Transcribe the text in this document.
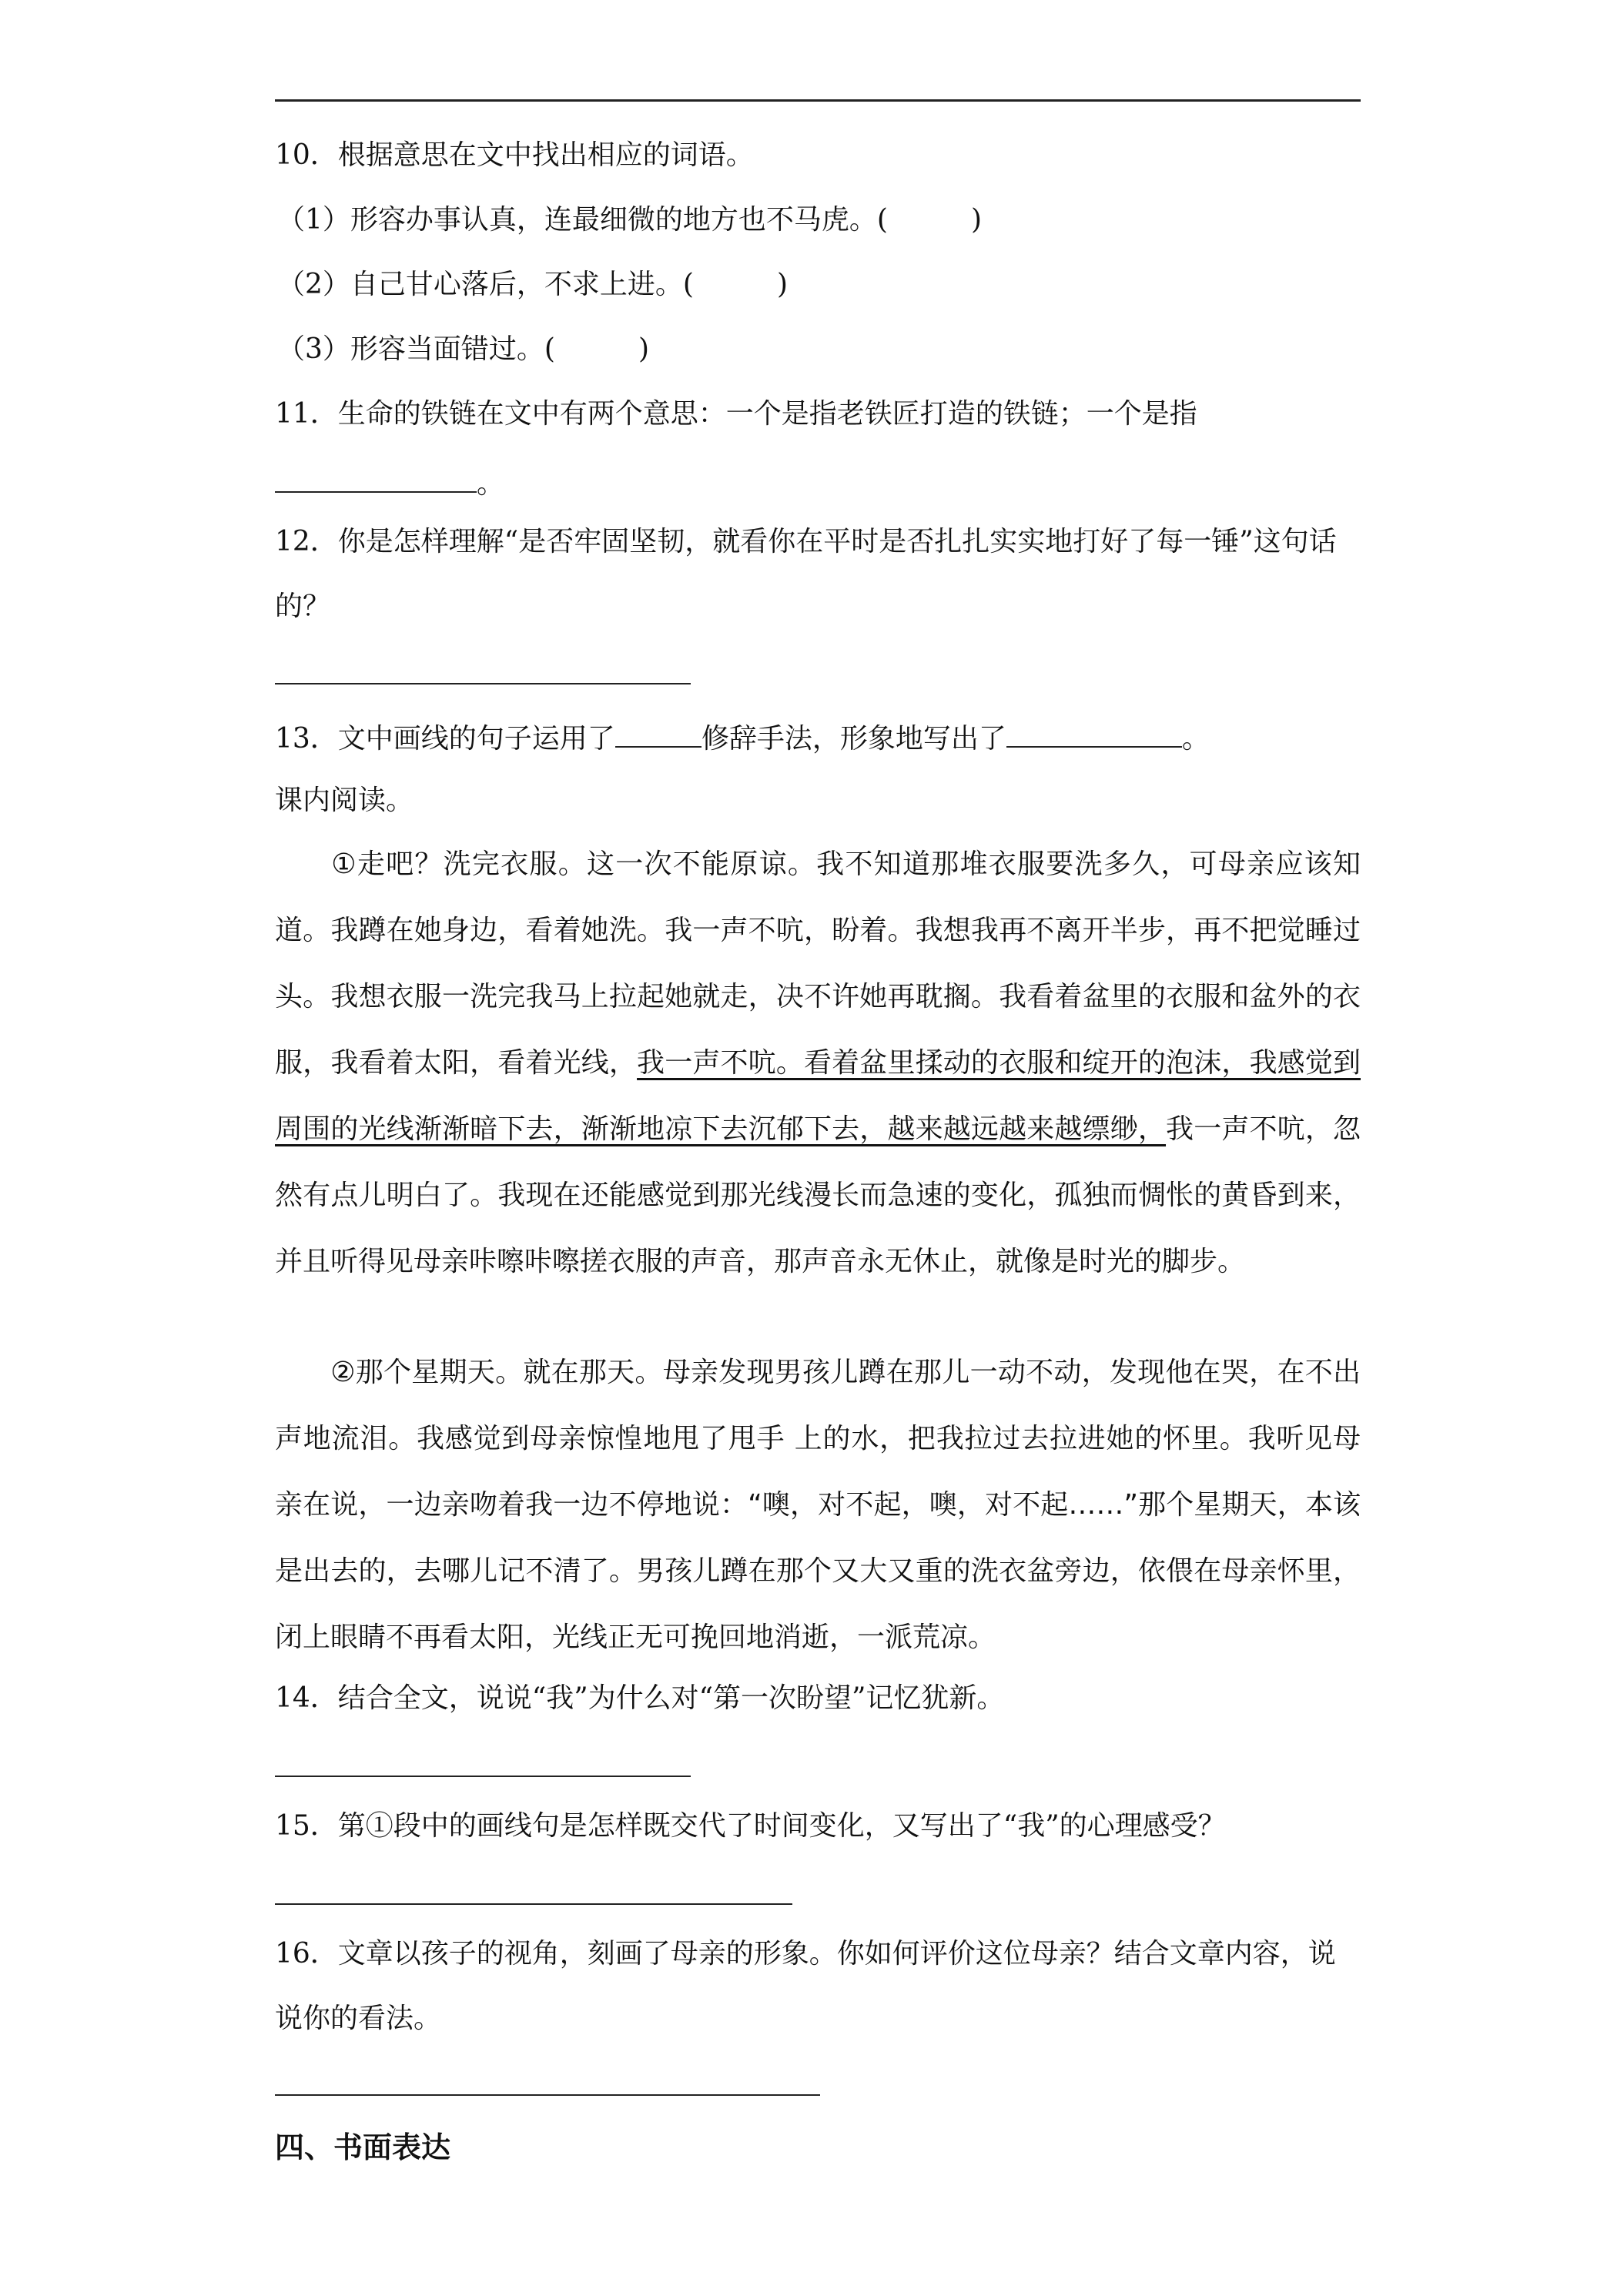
10．根据意思在文中找出相应的词语。
（1）形容办事认真，连最细微的地方也不马虎。(　　　)
（2）自己甘心落后，不求上进。(　　　)
（3）形容当面错过。(　　　)
11．生命的铁链在文中有两个意思：一个是指老铁匠打造的铁链；一个是指
。
12．你是怎样理解“是否牢固坚韧，就看你在平时是否扎扎实实地打好了每一锤”这句话
的？
13．文中画线的句子运用了	修辞手法，形象地写出了	。
课内阅读。
①走吧？洗完衣服。这一次不能原谅。我不知道那堆衣服要洗多久，可母亲应该知道。我蹲在她身边，看着她洗。我一声不吭，盼着。我想我再不离开半步，再不把觉睡过头。我想衣服一洗完我马上拉起她就走，决不许她再耽搁。我看着盆里的衣服和盆外的衣服，我看着太阳，看着光线，我一声不吭。看着盆里揉动的衣服和绽开的泡沫，我感觉到周围的光线渐渐暗下去，渐渐地凉下去沉郁下去，越来越远越来越缥缈，我一声不吭，忽然有点儿明白了。我现在还能感觉到那光线漫长而急速的变化，孤独而惆怅的黄昏到来，并且听得见母亲咔嚓咔嚓搓衣服的声音，那声音永无休止，就像是时光的脚步。
②那个星期天。就在那天。母亲发现男孩儿蹲在那儿一动不动，发现他在哭，在不出声地流泪。我感觉到母亲惊惶地甩了甩手 上的水，把我拉过去拉进她的怀里。我听见母亲在说，一边亲吻着我一边不停地说：“噢，对不起，噢，对不起……”那个星期天，本该是出去的，去哪儿记不清了。男孩儿蹲在那个又大又重的洗衣盆旁边，依偎在母亲怀里，闭上眼睛不再看太阳，光线正无可挽回地消逝，一派荒凉。
14．结合全文，说说“我”为什么对“第一次盼望”记忆犹新。
15．第①段中的画线句是怎样既交代了时间变化，又写出了“我”的心理感受？
16．文章以孩子的视角，刻画了母亲的形象。你如何评价这位母亲？结合文章内容，说
说你的看法。
四、书面表达
